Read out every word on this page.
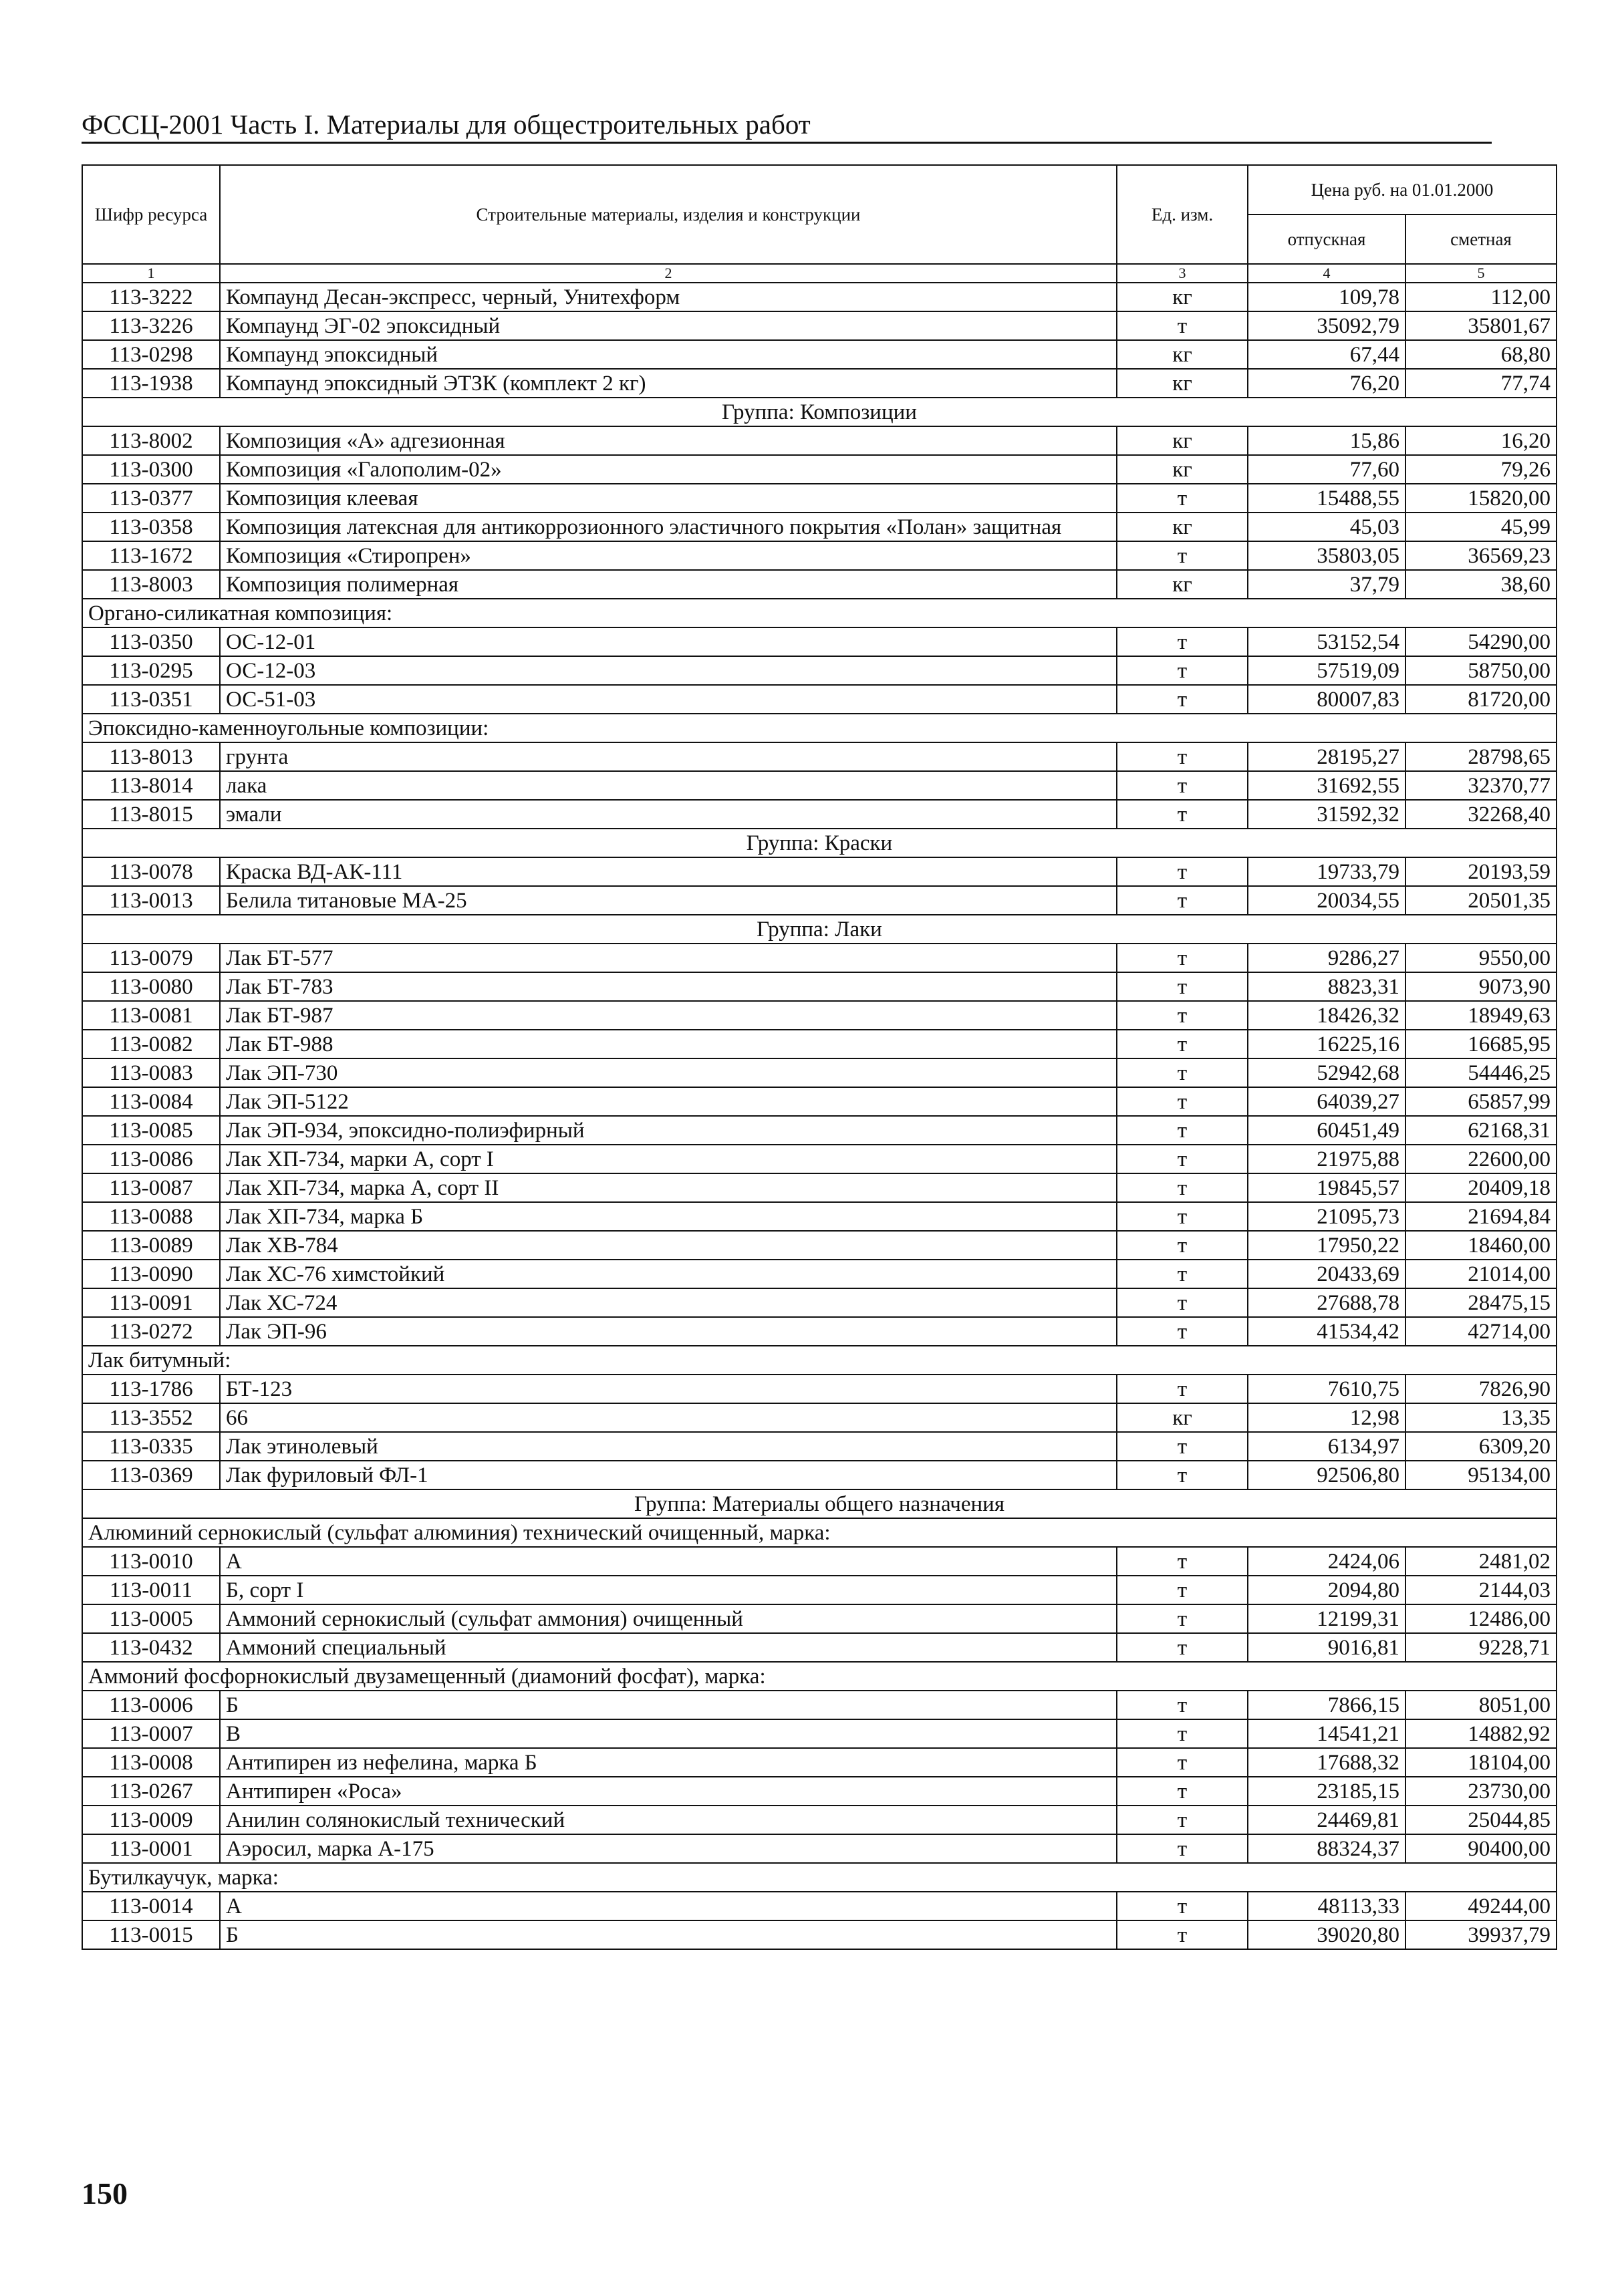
ФССЦ-2001 Часть I. Материалы для общестроительных работ
Шифр ресурса	Строительные материалы, изделия и конструкции	Ед. изм.	Цена руб. на 01.01.2000	
			отпускная	сметная
1	2	3	4	5
113-3222	Компаунд Десан-экспресс, черный, Унитехформ	кг	109,78	112,00
113-3226	Компаунд ЭГ-02 эпоксидный	т	35092,79	35801,67
113-0298	Компаунд эпоксидный	кг	67,44	68,80
113-1938	Компаунд эпоксидный ЭТЗК (комплект 2 кг)	кг	76,20	77,74
Группа: Композиции				
113-8002	Композиция «А» адгезионная	кг	15,86	16,20
113-0300	Композиция «Галополим-02»	кг	77,60	79,26
113-0377	Композиция клеевая	т	15488,55	15820,00
113-0358	Композиция латексная для антикоррозионного эластичного покрытия «Полан» защитная	кг	45,03	45,99
113-1672	Композиция «Стиропрен»	т	35803,05	36569,23
113-8003	Композиция полимерная	кг	37,79	38,60
Органо-силикатная композиция:				
113-0350	ОС-12-01	т	53152,54	54290,00
113-0295	ОС-12-03	т	57519,09	58750,00
113-0351	ОС-51-03	т	80007,83	81720,00
Эпоксидно-каменноугольные композиции:				
113-8013	грунта	т	28195,27	28798,65
113-8014	лака	т	31692,55	32370,77
113-8015	эмали	т	31592,32	32268,40
Группа: Краски				
113-0078	Краска ВД-АК-111	т	19733,79	20193,59
113-0013	Белила титановые МА-25	т	20034,55	20501,35
Группа: Лаки				
113-0079	Лак БТ-577	т	9286,27	9550,00
113-0080	Лак БТ-783	т	8823,31	9073,90
113-0081	Лак БТ-987	т	18426,32	18949,63
113-0082	Лак БТ-988	т	16225,16	16685,95
113-0083	Лак ЭП-730	т	52942,68	54446,25
113-0084	Лак ЭП-5122	т	64039,27	65857,99
113-0085	Лак ЭП-934, эпоксидно-полиэфирный	т	60451,49	62168,31
113-0086	Лак ХП-734, марки А, сорт I	т	21975,88	22600,00
113-0087	Лак ХП-734, марка А, сорт II	т	19845,57	20409,18
113-0088	Лак ХП-734, марка Б	т	21095,73	21694,84
113-0089	Лак ХВ-784	т	17950,22	18460,00
113-0090	Лак ХС-76 химстойкий	т	20433,69	21014,00
113-0091	Лак ХС-724	т	27688,78	28475,15
113-0272	Лак ЭП-96	т	41534,42	42714,00
Лак битумный:				
113-1786	БТ-123	т	7610,75	7826,90
113-3552	66	кг	12,98	13,35
113-0335	Лак этинолевый	т	6134,97	6309,20
113-0369	Лак фуриловый ФЛ-1	т	92506,80	95134,00
Группа: Материалы общего назначения				
Алюминий сернокислый (сульфат алюминия) технический очищенный, марка:				
113-0010	А	т	2424,06	2481,02
113-0011	Б, сорт I	т	2094,80	2144,03
113-0005	Аммоний сернокислый (сульфат аммония) очищенный	т	12199,31	12486,00
113-0432	Аммоний специальный	т	9016,81	9228,71
Аммоний фосфорнокислый двузамещенный (диамоний фосфат), марка:				
113-0006	Б	т	7866,15	8051,00
113-0007	В	т	14541,21	14882,92
113-0008	Антипирен из нефелина, марка Б	т	17688,32	18104,00
113-0267	Антипирен «Роса»	т	23185,15	23730,00
113-0009	Анилин солянокислый технический	т	24469,81	25044,85
113-0001	Аэросил, марка А-175	т	88324,37	90400,00
Бутилкаучук, марка:				
113-0014	А	т	48113,33	49244,00
113-0015	Б	т	39020,80	39937,79
150
